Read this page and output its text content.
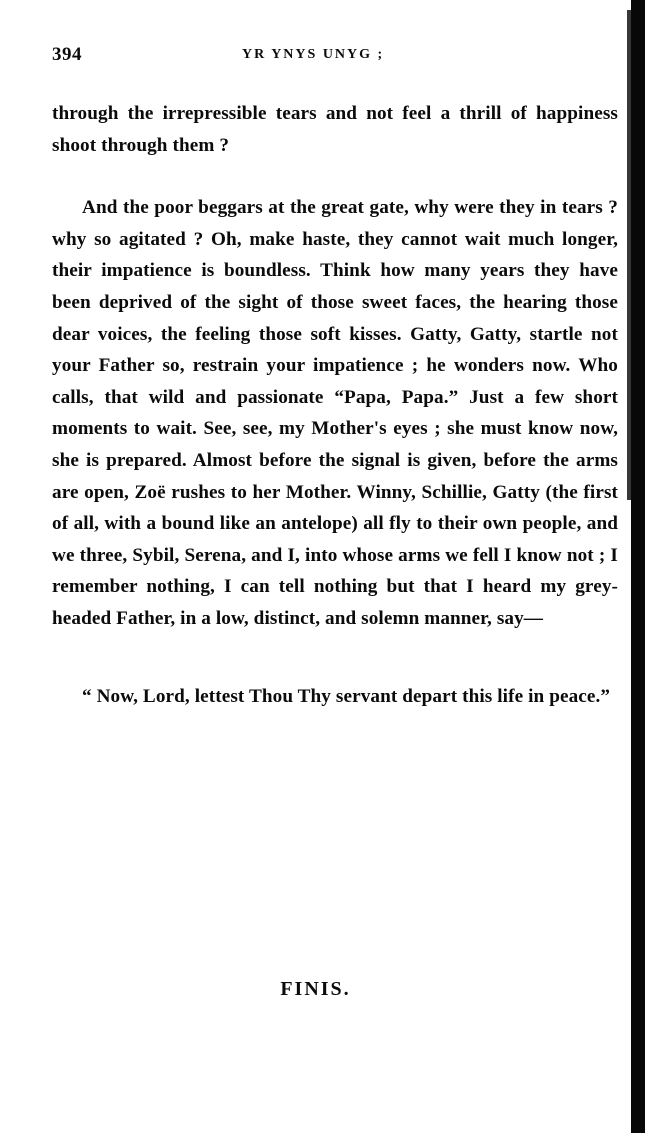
394	YR YNYS UNYG ;

through the irrepressible tears and not feel a thrill of happiness shoot through them ?

And the poor beggars at the great gate, why were they in tears ? why so agitated ? Oh, make haste, they cannot wait much longer, their impatience is boundless. Think how many years they have been deprived of the sight of those sweet faces, the hearing those dear voices, the feeling those soft kisses. Gatty, Gatty, startle not your Father so, restrain your impatience ; he wonders now. Who calls, that wild and passionate “Papa, Papa.” Just a few short moments to wait. See, see, my Mother's eyes ; she must know now, she is prepared. Almost before the signal is given, before the arms are open, Zoë rushes to her Mother. Winny, Schillie, Gatty (the first of all, with a bound like an antelope) all fly to their own people, and we three, Sybil, Serena, and I, into whose arms we fell I know not ; I remember nothing, I can tell nothing but that I heard my grey-headed Father, in a low, distinct, and solemn manner, say—

“ Now, Lord, lettest Thou Thy servant depart this life in peace.”

FINIS.
